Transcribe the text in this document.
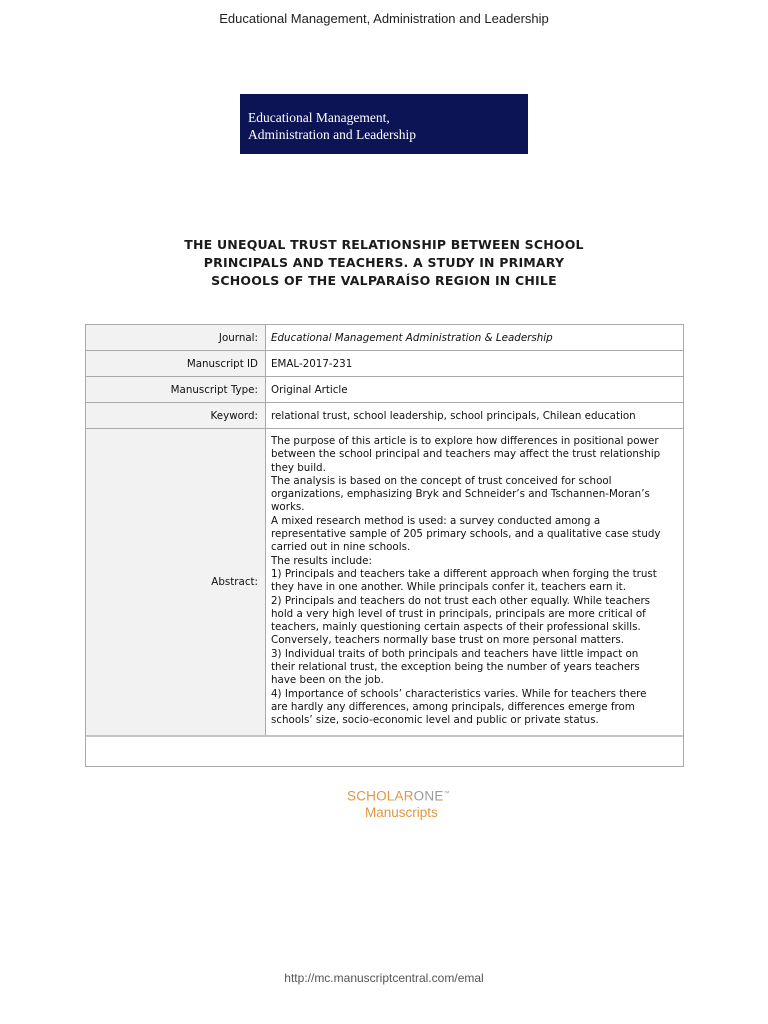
Educational Management, Administration and Leadership
Educational Management,
Administration and Leadership
THE UNEQUAL TRUST RELATIONSHIP BETWEEN SCHOOL
PRINCIPALS AND TEACHERS. A STUDY IN PRIMARY
SCHOOLS OF THE VALPARAÍSO REGION IN CHILE
Journal:	Educational Management Administration & Leadership
Manuscript ID	EMAL-2017-231
Manuscript Type:	Original Article
Keyword:	relational trust, school leadership, school principals, Chilean education
Abstract:
The purpose of this article is to explore how differences in positional power
between the school principal and teachers may affect the trust relationship
they build.
The analysis is based on the concept of trust conceived for school
organizations, emphasizing Bryk and Schneider’s and Tschannen-Moran’s
works.
A mixed research method is used: a survey conducted among a
representative sample of 205 primary schools, and a qualitative case study
carried out in nine schools.
The results include:
1) Principals and teachers take a different approach when forging the trust
they have in one another. While principals confer it, teachers earn it.
2) Principals and teachers do not trust each other equally. While teachers
hold a very high level of trust in principals, principals are more critical of
teachers, mainly questioning certain aspects of their professional skills.
Conversely, teachers normally base trust on more personal matters.
3) Individual traits of both principals and teachers have little impact on
their relational trust, the exception being the number of years teachers
have been on the job.
4) Importance of schools’ characteristics varies. While for teachers there
are hardly any differences, among principals, differences emerge from
schools’ size, socio-economic level and public or private status.
SCHOLARONE™
Manuscripts
http://mc.manuscriptcentral.com/emal
